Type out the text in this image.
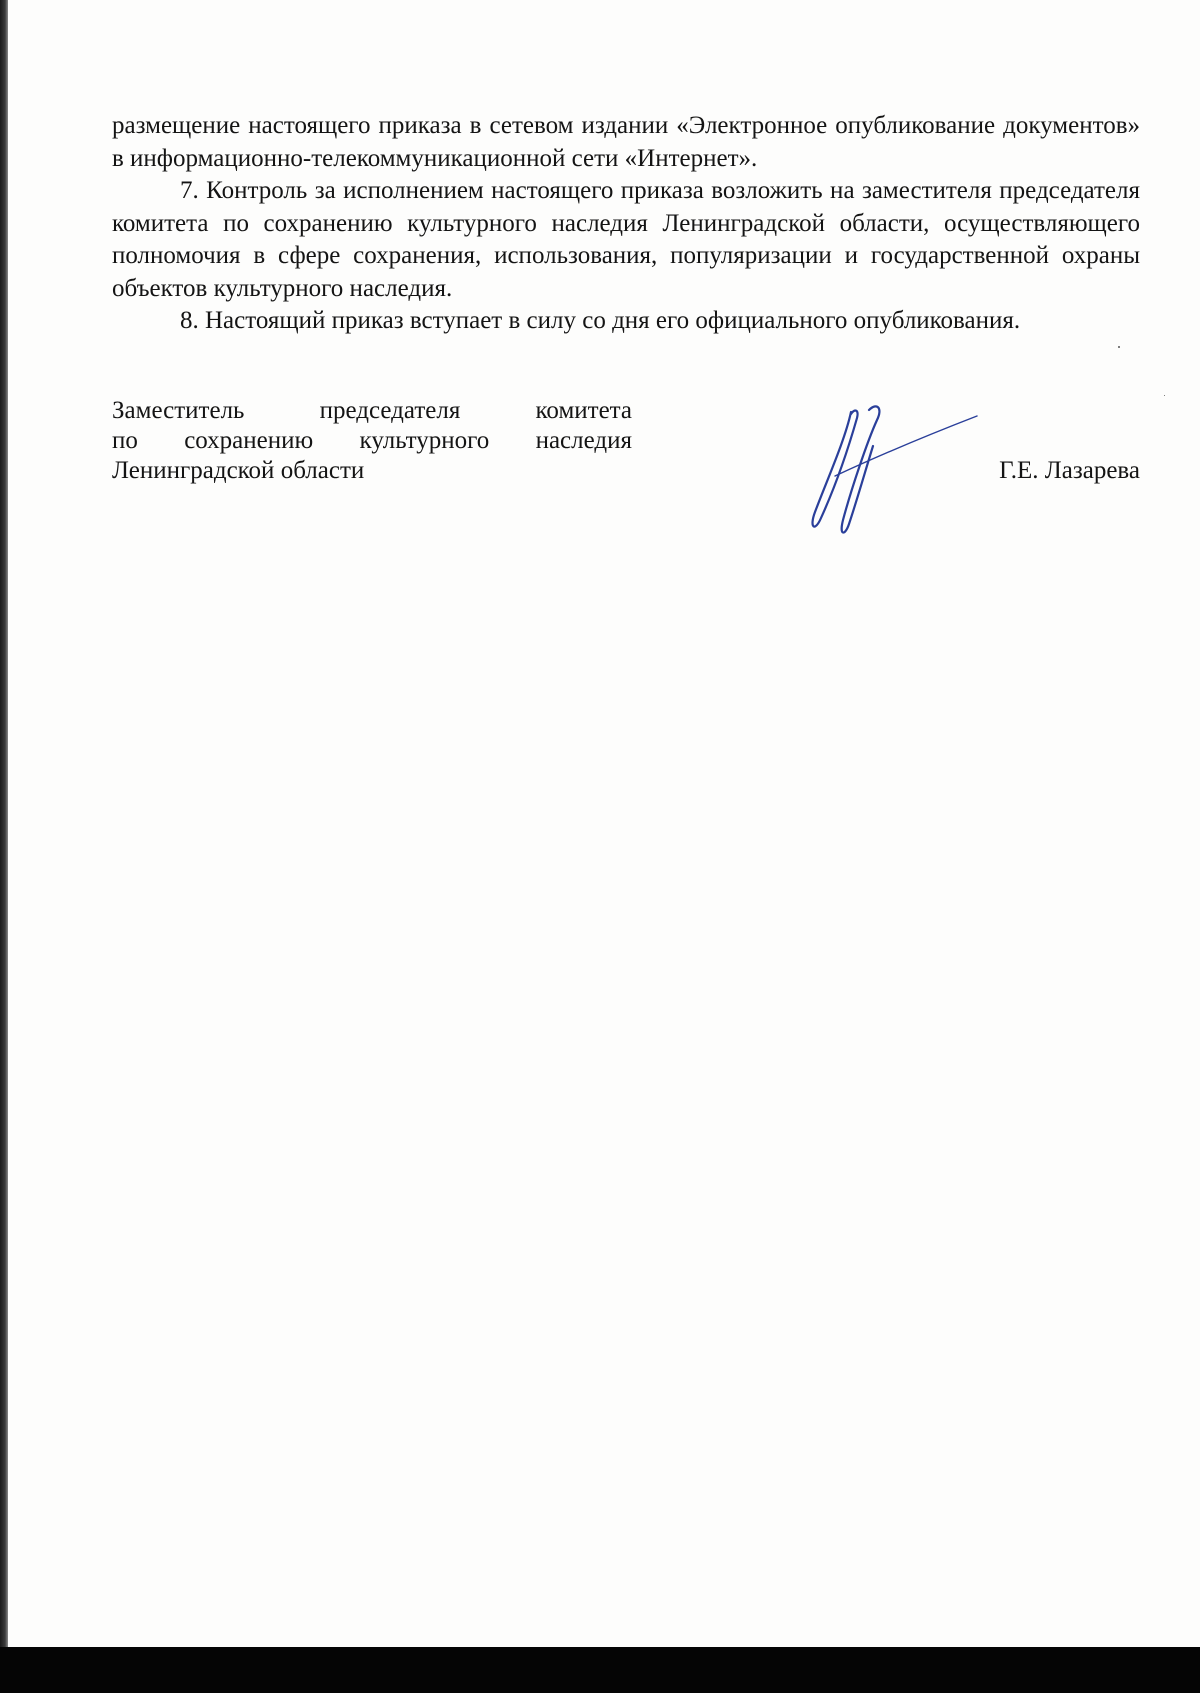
размещение настоящего приказа в сетевом издании «Электронное опубликование документов» в информационно-телекоммуникационной сети «Интернет».

7. Контроль за исполнением настоящего приказа возложить на заместителя председателя комитета по сохранению культурного наследия Ленинградской области, осуществляющего полномочия в сфере сохранения, использования, популяризации и государственной охраны объектов культурного наследия.

8. Настоящий приказ вступает в силу со дня его официального опубликования.

Заместитель председателя комитета
по сохранению культурного наследия
Ленинградской области	Г.Е. Лазарева
